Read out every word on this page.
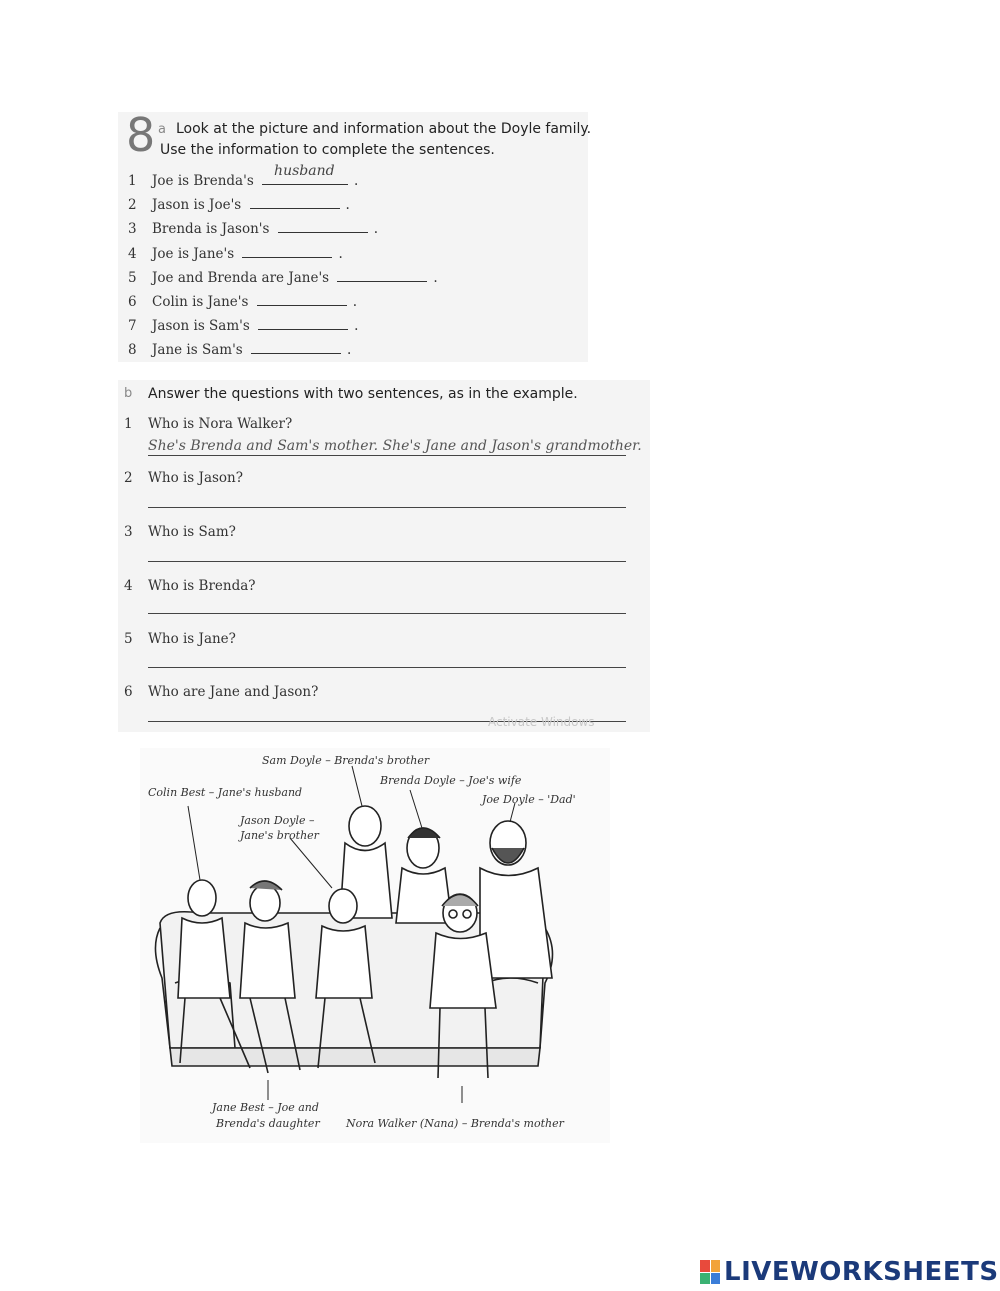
8 a Look at the picture and information about the Doyle family.
Use the information to complete the sentences.
1 Joe is Brenda's
husband
.
2 Jason is Joe's	.
3 Brenda is Jason's	.
4 Joe is Jane's	.
5 Joe and Brenda are Jane's	.
6 Colin is Jane's	.
7 Jason is Sam's	.
8 Jane is Sam's	.
b Answer the questions with two sentences, as in the example.
1 Who is Nora Walker?
She's Brenda and Sam's mother. She's Jane and Jason's grandmother.
2 Who is Jason?
3 Who is Sam?
4 Who is Brenda?
5 Who is Jane?
6 Who are Jane and Jason?
Activate Windows
Sam Doyle – Brenda's brother
Brenda Doyle – Joe's wife
Colin Best – Jane's husband
Joe Doyle – 'Dad'
Jason Doyle –
Jane's brother
Jane Best – Joe and
Brenda's daughter Nora Walker (Nana) – Brenda's mother
LIVEWORKSHEETS
